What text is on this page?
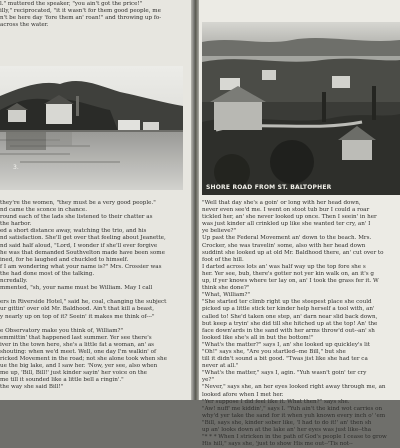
l." muttered the speaker, "you ain't got the price!"
illy," reciprocated, "it it wasn't for them good people, me
n't be here day 'fore them an' roan!" and throwing up fo-
across the water.
3.
they're the women, "they must be a very good people."
nd came the sconce in chance.
round each of the lads she listened to their chatter as
the harbor.
ed a short distance away, watching the trio, and his
nd satisfaction. She'll get over that feeling about Jeanette,
nd said half aloud, "Lord, I wonder if she'll ever forgive
he was that demanded Southvelton made have been some
ined, for he laughed and chuckled to himself.
f I am wondering what your name is?" Mrs. Crossier was
the had done most of the talking.
ncredally.
mmented, "sh, your name must be William. May I call
ers in Riverside Hotel," said he, coal, changing the subject
ur gittin' over old Mr. Baldhood. Ain't that kill a beast,
y nearly up on top of it? Seein' it makes me think of---"
e Observatory make you think of, William?"
emmittin' that happened last summer. Yer see there's
iver in the town here, she's a little fat a woman, an' as
shouting: when we'd meet. Well, one day I'm walkin' of
ricked Movement in the road; not she alone took when she
ue the big lake, and I saw her. 'Now, yer see, also when
me up, 'Bill, Bill!' just kinder sayin' her voice on the
me till it sounded like a little bell a ringin'."
the way she said Bill!"
SHORE ROAD FROM ST. BALTOPHER
"Well that day she's a goin' or long with her head down,
never even see'd me. I went on stoot tub bur I could a roar
tickled her, an' she never looked up once. Then I seein' in her
was just kinder all crinkled up like she wanted ter cry, an' I
ye believe?"
Up past the Federal Movement an' down to the beach. Mrs.
Crocker, she was travelin' some, also with her head down
suddint she looked up at old Mr. Baldhood there, an' cut over to
foot of the hill.
I darted across lots an' was half way up the top fore she s
her. Yer see, bub, there's gotter not yer kin walk on, an it's g
up, if yer knows where ter lay on, an' I took the grass fer it. W
think she done?"
"What, William?"
"She started ter climb right up the steepest place she could
picked up a little stick ter kinder help herself a tool with, an'
called to! She'd taken one step, an' darn near slid back down,
but keep a tryin' she did till she hitched up at the top! An' the
face down'ards in the sand with her arms throw'd out--an' sh
looked like she's all in but the bottom!"
"What's the matter?" says I, an' she looked up quickley's lit
"Oh!" says she, "Are you startled--me Bill," but she
till it didn't sound a bit good. "Twas jist like she had ter ca
never at all."
"What's the matter," says I, agin. "Yuh wasn't goin' ter cry
ye?"
"Never," says she, an her eyes looked right away through me, an
looked afore when I met her.
"Yer suppose I did feel like it. What then?" says she.
"Aw! nuff' me kiddin'," says I. "Yuh ain't the kind wot carries on
why'd yer take the sand for it when yuh known every inch o' 'em
"Bill, says she, kinder sober like, 'I had to do it!' an' then sh
up an' looks down at the lake an' her eyes was just like--tha
"* * * When I stricken in the path of God's people I cease to grow
His hill," says she, 'just to show His me out--'Tis not--
